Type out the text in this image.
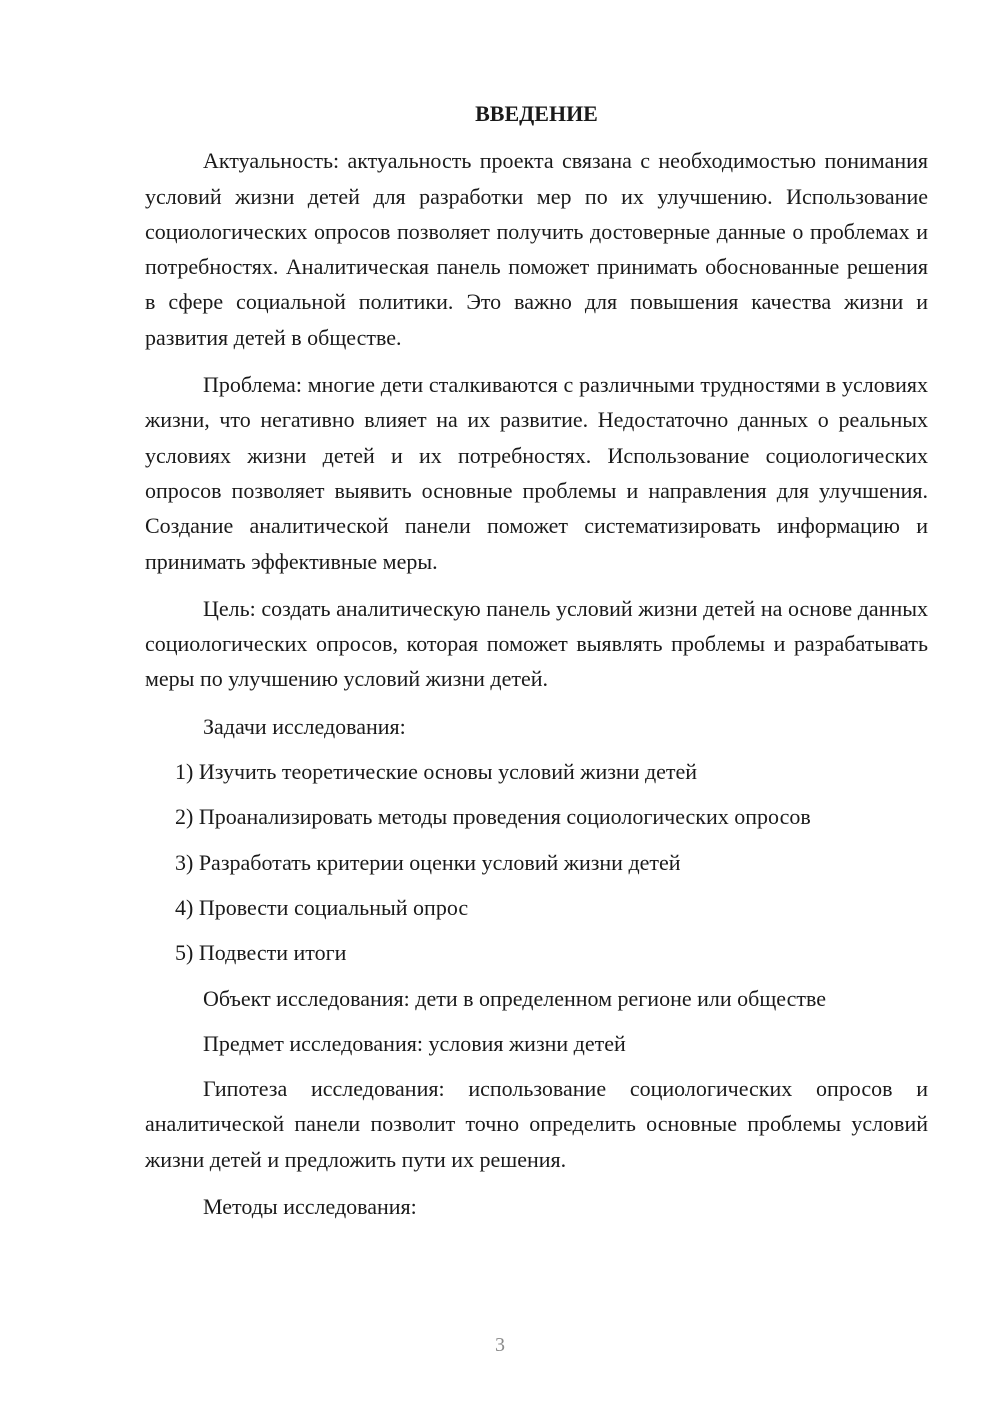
ВВЕДЕНИЕ
Актуальность: актуальность проекта связана с необходимостью понимания условий жизни детей для разработки мер по их улучшению. Использование социологических опросов позволяет получить достоверные данные о проблемах и потребностях. Аналитическая панель поможет принимать обоснованные решения в сфере социальной политики. Это важно для повышения качества жизни и развития детей в обществе.
Проблема: многие дети сталкиваются с различными трудностями в условиях жизни, что негативно влияет на их развитие. Недостаточно данных о реальных условиях жизни детей и их потребностях. Использование социологических опросов позволяет выявить основные проблемы и направления для улучшения. Создание аналитической панели поможет систематизировать информацию и принимать эффективные меры.
Цель: создать аналитическую панель условий жизни детей на основе данных социологических опросов, которая поможет выявлять проблемы и разрабатывать меры по улучшению условий жизни детей.
Задачи исследования:
1) Изучить теоретические основы условий жизни детей
2) Проанализировать методы проведения социологических опросов
3) Разработать критерии оценки условий жизни детей
4) Провести социальный опрос
5) Подвести итоги
Объект исследования: дети в определенном регионе или обществе
Предмет исследования: условия жизни детей
Гипотеза исследования: использование социологических опросов и аналитической панели позволит точно определить основные проблемы условий жизни детей и предложить пути их решения.
Методы исследования:
3
